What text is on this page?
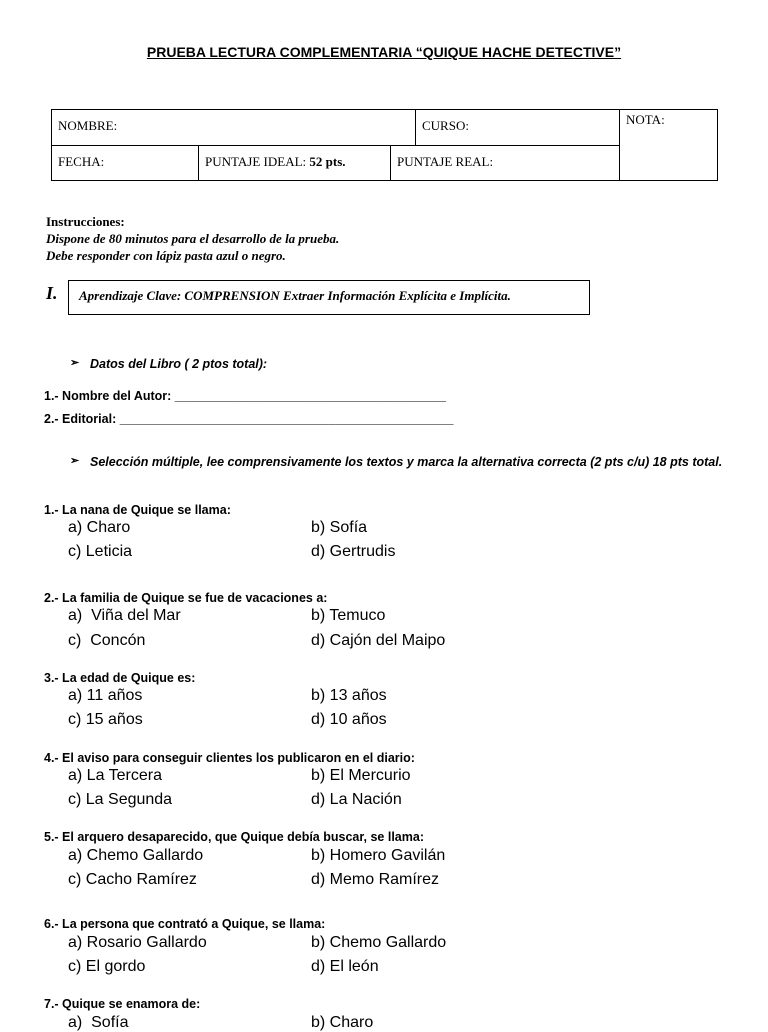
PRUEBA LECTURA COMPLEMENTARIA “QUIQUE HACHE DETECTIVE”
NOMBRE:	CURSO:	NOTA:
FECHA:	PUNTAJE IDEAL: 52 pts.	PUNTAJE REAL:
Instrucciones:
Dispone de 80 minutos para el desarrollo de la prueba.
Debe responder con lápiz pasta azul o negro.
I.	Aprendizaje Clave: COMPRENSION Extraer Información Explícita e Implícita.
➢ Datos del Libro ( 2 ptos total):
1.- Nombre del Autor: _______________________________________
2.- Editorial: ________________________________________________
➢ Selección múltiple, lee comprensivamente los textos y marca la alternativa correcta (2 pts c/u) 18 pts total.
1.- La nana de Quique se llama:
a) Charo	b) Sofía
c) Leticia	d) Gertrudis
2.- La familia de Quique se fue de vacaciones a:
a)  Viña del Mar	b) Temuco
c)  Concón	d) Cajón del Maipo
3.- La edad de Quique es:
a) 11 años	b) 13 años
c) 15 años	d) 10 años
4.- El aviso para conseguir clientes los publicaron en el diario:
a) La Tercera	b) El Mercurio
c) La Segunda	d) La Nación
5.- El arquero desaparecido, que Quique debía buscar, se llama:
a) Chemo Gallardo	b) Homero Gavilán
c) Cacho Ramírez	d) Memo Ramírez
6.- La persona que contrató a Quique, se llama:
a) Rosario Gallardo	b) Chemo Gallardo
c) El gordo	d) El león
7.- Quique se enamora de:
a)  Sofía	b) Charo
